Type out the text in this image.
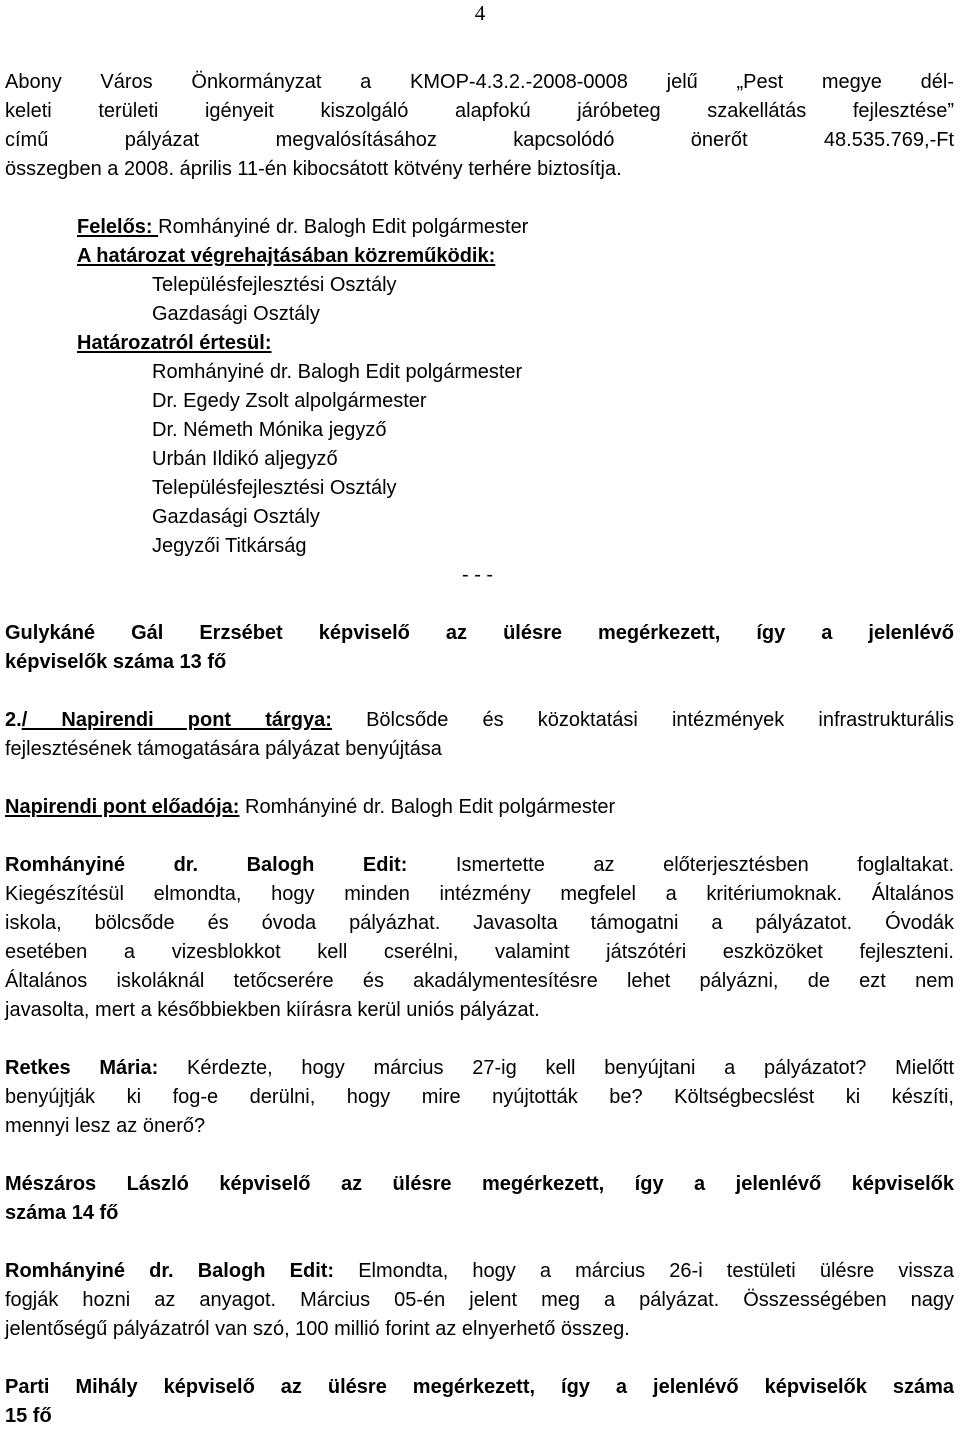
4
Abony Város Önkormányzat a KMOP-4.3.2.-2008-0008 jelű „Pest megye dél-
keleti területi igényeit kiszolgáló alapfokú járóbeteg szakellátás fejlesztése”
című pályázat megvalósításához kapcsolódó önerőt 48.535.769,-Ft
összegben a 2008. április 11-én kibocsátott kötvény terhére biztosítja.
Felelős: Romhányiné dr. Balogh Edit polgármester
A határozat végrehajtásában közreműködik:
Településfejlesztési Osztály
Gazdasági Osztály
Határozatról értesül:
Romhányiné dr. Balogh Edit polgármester
Dr. Egedy Zsolt alpolgármester
Dr. Németh Mónika jegyző
Urbán Ildikó aljegyző
Településfejlesztési Osztály
Gazdasági Osztály
Jegyzői Titkárság
- - -
Gulykáné Gál Erzsébet képviselő az ülésre megérkezett, így a jelenlévő
képviselők száma 13 fő
2./ Napirendi pont tárgya: Bölcsőde és közoktatási intézmények infrastrukturális
fejlesztésének támogatására pályázat benyújtása
Napirendi pont előadója: Romhányiné dr. Balogh Edit polgármester
Romhányiné dr. Balogh Edit: Ismertette az előterjesztésben foglaltakat.
Kiegészítésül elmondta, hogy minden intézmény megfelel a kritériumoknak. Általános
iskola, bölcsőde és óvoda pályázhat. Javasolta támogatni a pályázatot. Óvodák
esetében a vizesblokkot kell cserélni, valamint játszótéri eszközöket fejleszteni.
Általános iskoláknál tetőcserére és akadálymentesítésre lehet pályázni, de ezt nem
javasolta, mert a későbbiekben kiírásra kerül uniós pályázat.
Retkes Mária: Kérdezte, hogy március 27-ig kell benyújtani a pályázatot? Mielőtt
benyújtják ki fog-e derülni, hogy mire nyújtották be? Költségbecslést ki készíti,
mennyi lesz az önerő?
Mészáros László képviselő az ülésre megérkezett, így a jelenlévő képviselők
száma 14 fő
Romhányiné dr. Balogh Edit: Elmondta, hogy a március 26-i testületi ülésre vissza
fogják hozni az anyagot. Március 05-én jelent meg a pályázat. Összességében nagy
jelentőségű pályázatról van szó, 100 millió forint az elnyerhető összeg.
Parti Mihály képviselő az ülésre megérkezett, így a jelenlévő képviselők száma
15 fő
